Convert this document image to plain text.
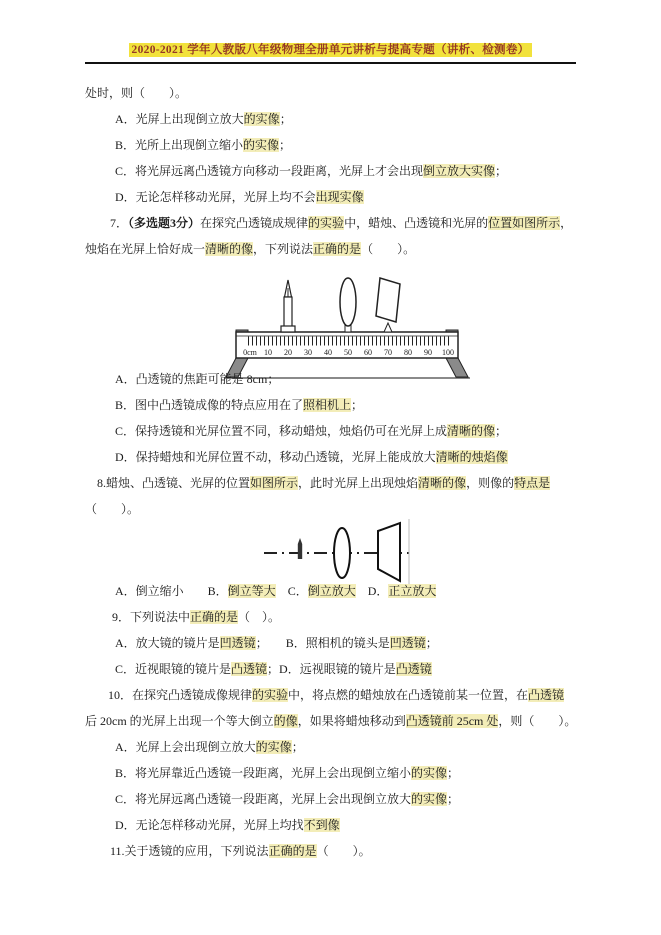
2020-2021 学年人教版八年级物理全册单元讲析与提高专题（讲析、检测卷）
处时，则（　　）。
A．光屏上出现倒立放大的实像；
B．光所上出现倒立缩小的实像；
C．将光屏远离凸透镜方向移动一段距离，光屏上才会出现倒立放大实像；
D．无论怎样移动光屏，光屏上均不会出现实像
7．（多选题3分）在探究凸透镜成规律的实验中，蜡烛、凸透镜和光屏的位置如图所示，
烛焰在光屏上恰好成一清晰的像，下列说法正确的是（　　）。
0cm 10 20 30 40 50 60 70 80 90 100
A．凸透镜的焦距可能是 8cm；
B．图中凸透镜成像的特点应用在了照相机上；
C．保持透镜和光屏位置不同，移动蜡烛，烛焰仍可在光屏上成清晰的像；
D．保持蜡烛和光屏位置不动，移动凸透镜，光屏上能成放大清晰的烛焰像
8.蜡烛、凸透镜、光屏的位置如图所示，此时光屏上出现烛焰清晰的像，则像的特点是
（　　）。
A．倒立缩小　　B．倒立等大　C．倒立放大　D．正立放大
9．下列说法中正确的是（　）。
A．放大镜的镜片是凹透镜；　　B．照相机的镜头是凹透镜；
C．近视眼镜的镜片是凸透镜；D．远视眼镜的镜片是凸透镜
10．在探究凸透镜成像规律的实验中，将点燃的蜡烛放在凸透镜前某一位置，在凸透镜
后 20cm 的光屏上出现一个等大倒立的像，如果将蜡烛移动到凸透镜前 25cm 处，则（　　）。
A．光屏上会出现倒立放大的实像；
B．将光屏靠近凸透镜一段距离，光屏上会出现倒立缩小的实像；
C．将光屏远离凸透镜一段距离，光屏上会出现倒立放大的实像；
D．无论怎样移动光屏，光屏上均找不到像
11.关于透镜的应用，下列说法正确的是（　　）。
